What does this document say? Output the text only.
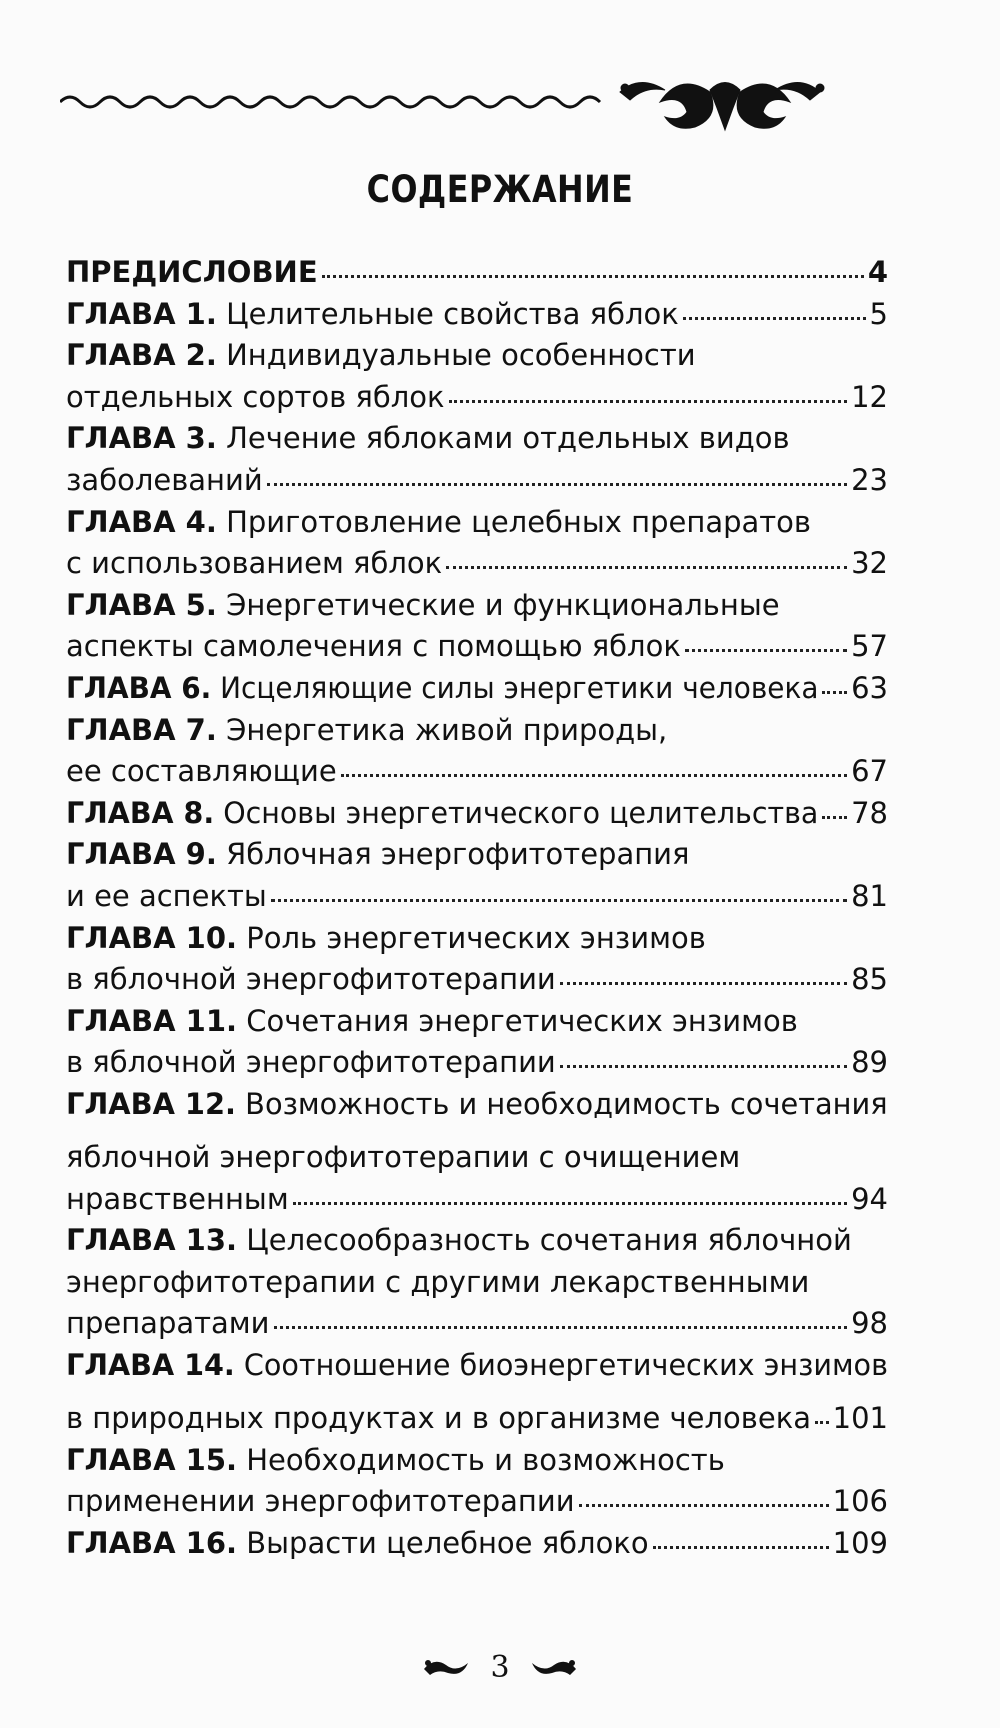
СОДЕРЖАНИЕ
ПРЕДИСЛОВИЕ	4
ГЛАВА 1. Целительные свойства яблок	5
ГЛАВА 2. Индивидуальные особенности
отдельных сортов яблок	12
ГЛАВА 3. Лечение яблоками отдельных видов
заболеваний	23
ГЛАВА 4. Приготовление целебных препаратов
с использованием яблок	32
ГЛАВА 5. Энергетические и функциональные
аспекты самолечения с помощью яблок	57
ГЛАВА 6. Исцеляющие силы энергетики человека 63
ГЛАВА 7. Энергетика живой природы,
ее составляющие	67
ГЛАВА 8. Основы энергетического целительства 78
ГЛАВА 9. Яблочная энергофитотерапия
и ее аспекты	81
ГЛАВА 10. Роль энергетических энзимов
в яблочной энергофитотерапии	85
ГЛАВА 11. Сочетания энергетических энзимов
в яблочной энергофитотерапии	89
ГЛАВА 12. Возможность и необходимость сочетания
яблочной энергофитотерапии с очищением
нравственным	94
ГЛАВА 13. Целесообразность сочетания яблочной
энергофитотерапии с другими лекарственными
препаратами	98
ГЛАВА 14. Соотношение биоэнергетических энзимов
в природных продуктах и в организме человека 101
ГЛАВА 15. Необходимость и возможность
применении энергофитотерапии	106
ГЛАВА 16. Вырасти целебное яблоко	109
3
